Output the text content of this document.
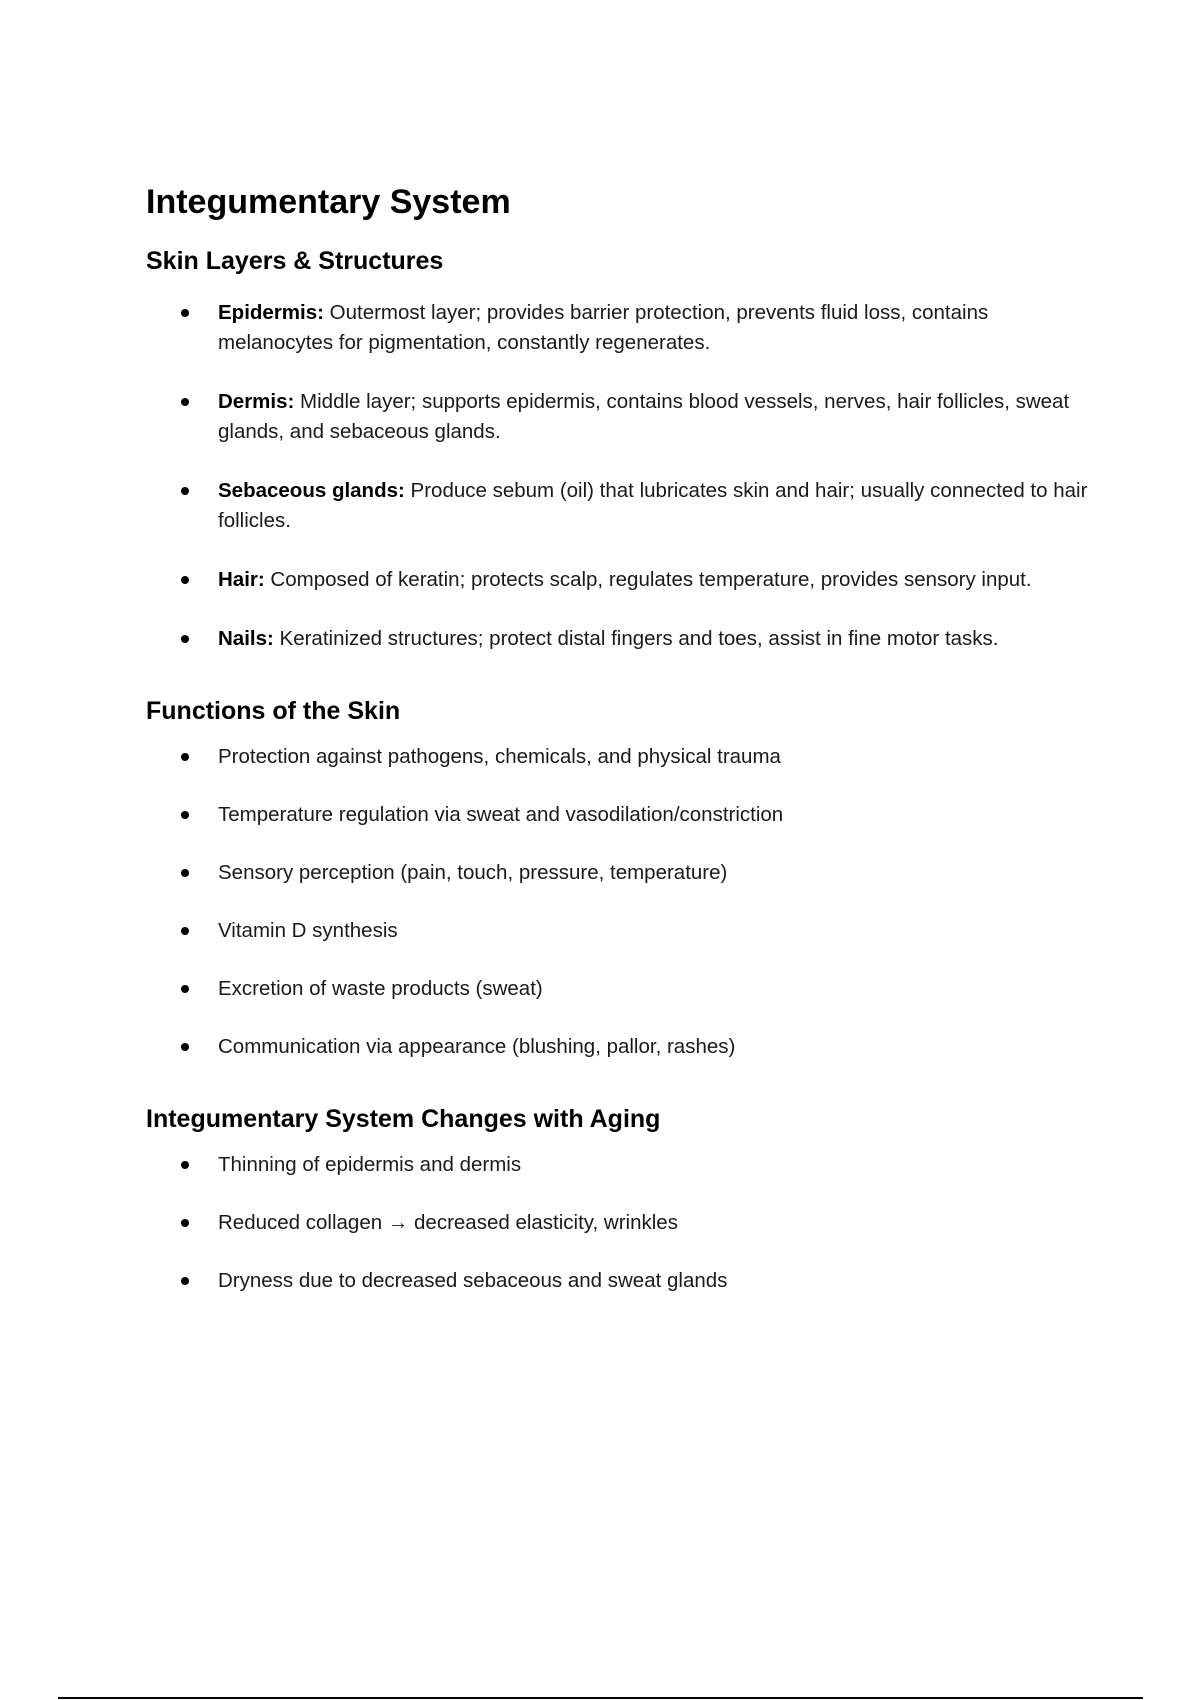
Integumentary System
Skin Layers & Structures
Epidermis: Outermost layer; provides barrier protection, prevents fluid loss, contains melanocytes for pigmentation, constantly regenerates.
Dermis: Middle layer; supports epidermis, contains blood vessels, nerves, hair follicles, sweat glands, and sebaceous glands.
Sebaceous glands: Produce sebum (oil) that lubricates skin and hair; usually connected to hair follicles.
Hair: Composed of keratin; protects scalp, regulates temperature, provides sensory input.
Nails: Keratinized structures; protect distal fingers and toes, assist in fine motor tasks.
Functions of the Skin
Protection against pathogens, chemicals, and physical trauma
Temperature regulation via sweat and vasodilation/constriction
Sensory perception (pain, touch, pressure, temperature)
Vitamin D synthesis
Excretion of waste products (sweat)
Communication via appearance (blushing, pallor, rashes)
Integumentary System Changes with Aging
Thinning of epidermis and dermis
Reduced collagen → decreased elasticity, wrinkles
Dryness due to decreased sebaceous and sweat glands
